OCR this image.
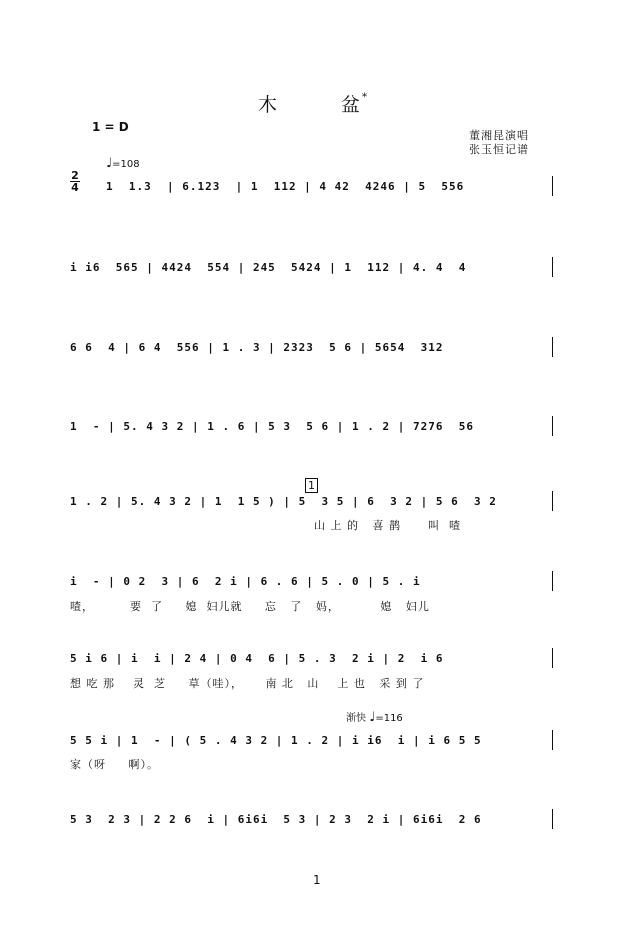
木	盆*
1 = D
董湘昆演唱
张玉恒记谱
♩=108
2
4 1  1.3  | 6.123  | 1  112 | 4 42  4246 | 5  556
i i6  565 | 4424  554 | 245  5424 | 1  112 | 4. 4  4
6 6  4 | 6 4  556 | 1 . 3 | 2323  5 6 | 5654  312
1  - | 5. 4 3 2 | 1 . 6 | 5 3  5 6 | 1 . 2 | 7276  56
1
1 . 2 | 5. 4 3 2 | 1  1 5 ) | 5  3 5 | 6  3 2 | 5 6  3 2
山 上 的   喜 鹊      叫  喳
i  - | 0 2  3 | 6  2 i | 6 . 6 | 5 . 0 | 5 . i
喳，        要  了     媳  妇儿就     忘   了   妈，         媳   妇儿
5 i 6 | i  i | 2 4 | 0 4  6 | 5 . 3  2 i | 2  i 6
想 吃 那    灵  芝     草（哇），     南 北   山    上 也   采 到 了
渐快 ♩=116
5 5 i | 1  - | ( 5 . 4 3 2 | 1 . 2 | i i6  i | i 6 5 5
家（呀     啊）。
5 3  2 3 | 2 2 6  i | 6i6i  5 3 | 2 3  2 i | 6i6i  2 6
1
